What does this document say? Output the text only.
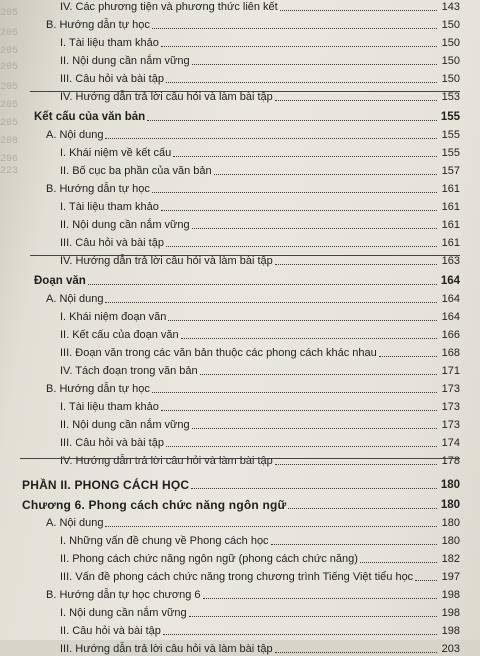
205
205
205
205
205
205
205
208
206
223
IV. Các phương tiện và phương thức liên kết	143
B. Hướng dẫn tự học	150
I. Tài liệu tham khảo	150
II. Nội dung cần nắm vững	150
III. Câu hỏi và bài tập	150
IV. Hướng dẫn trả lời câu hỏi và làm bài tập	153
Kết cấu của văn bản	155
A. Nội dung	155
I. Khái niệm về kết cấu	155
II. Bố cục ba phần của văn bản	157
B. Hướng dẫn tự học	161
I. Tài liệu tham khảo	161
II. Nội dung cần nắm vững	161
III. Câu hỏi và bài tập	161
IV. Hướng dẫn trả lời câu hỏi và làm bài tập	163
Đoạn văn	164
A. Nội dung	164
I. Khái niệm đoạn văn	164
II. Kết cấu của đoạn văn	166
III. Đoạn văn trong các văn bản thuộc các phong cách khác nhau	168
IV. Tách đoạn trong văn bản	171
B. Hướng dẫn tự học	173
I. Tài liệu tham khảo	173
II. Nội dung cần nắm vững	173
III. Câu hỏi và bài tập	174
IV. Hướng dẫn trả lời câu hỏi và làm bài tập	178
PHẦN II. PHONG CÁCH HỌC	180
Chương 6. Phong cách chức năng ngôn ngữ	180
A. Nội dung	180
I. Những vấn đề chung về Phong cách học	180
II. Phong cách chức năng ngôn ngữ (phong cách chức năng)	182
III. Vấn đề phong cách chức năng trong chương trình Tiếng Việt tiểu học	197
B. Hướng dẫn tự học chương 6	198
I. Nội dung cần nắm vững	198
II. Câu hỏi và bài tập	198
III. Hướng dẫn trả lời câu hỏi và làm bài tập	203
